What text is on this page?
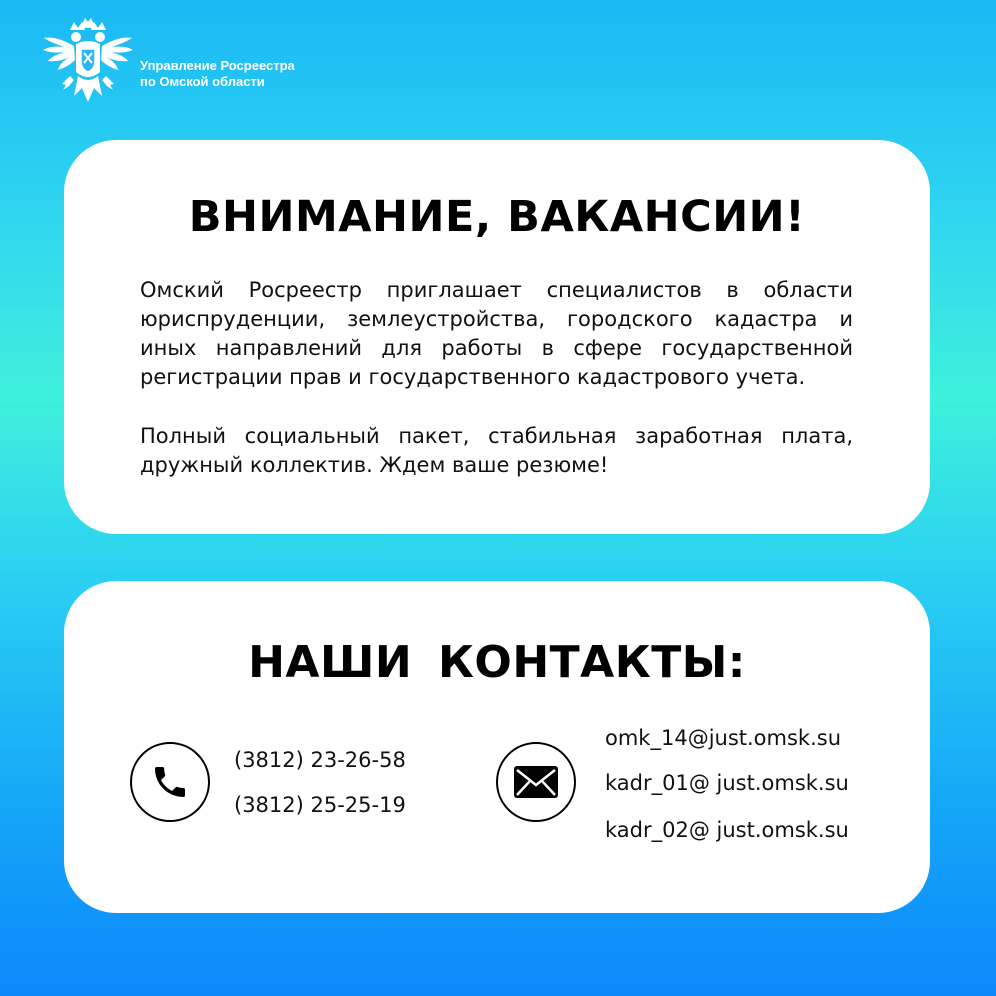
Управление Росреестра
по Омской области
ВНИМАНИЕ, ВАКАНСИИ!

Омский Росреестр приглашает специалистов в области юриспруденции, землеустройства, городского кадастра и иных направлений для работы в сфере государственной регистрации прав и государственного кадастрового учета.

Полный социальный пакет, стабильная заработная плата, дружный коллектив. Ждем ваше резюме!

НАШИ КОНТАКТЫ:
(3812) 23-26-58
(3812) 25-25-19
omk_14@just.omsk.su
kadr_01@ just.omsk.su
kadr_02@ just.omsk.su
